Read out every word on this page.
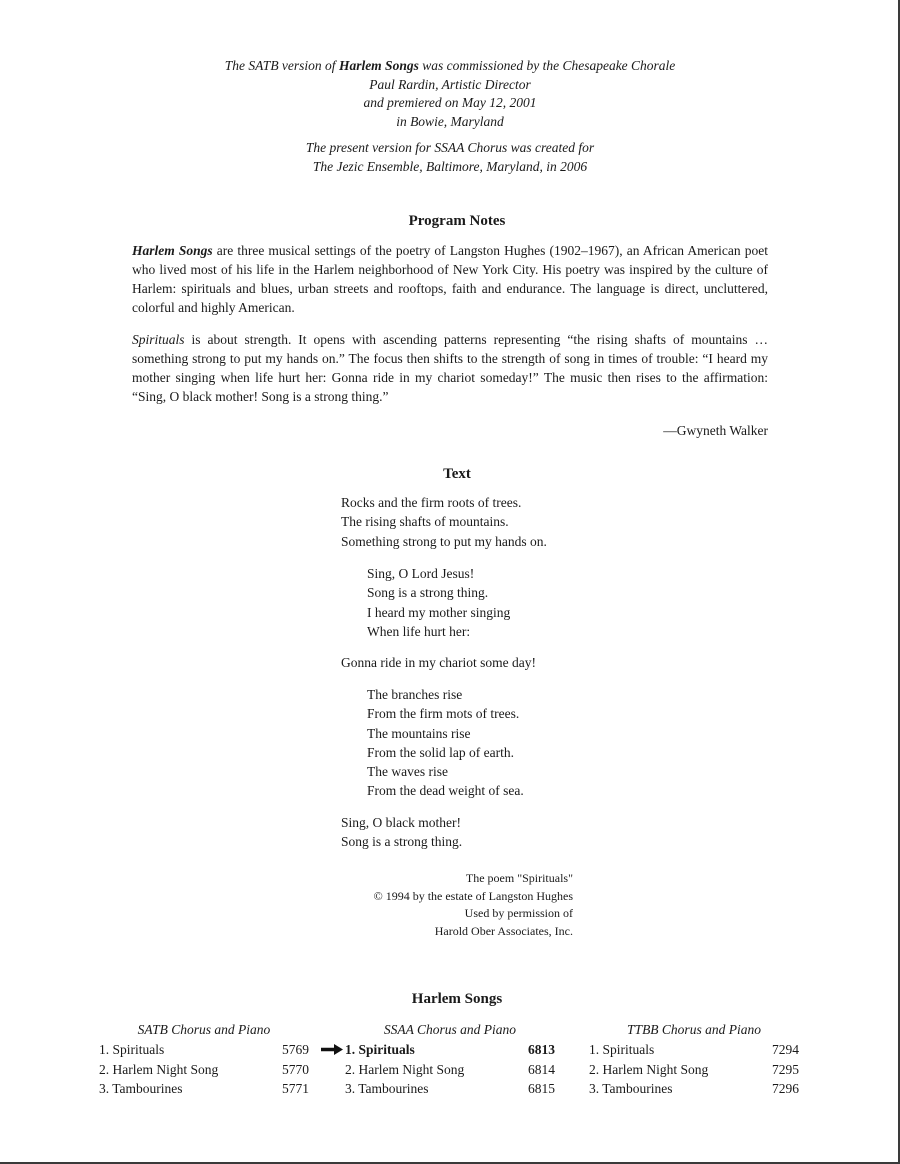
The SATB version of Harlem Songs was commissioned by the Chesapeake Chorale
Paul Rardin, Artistic Director
and premiered on May 12, 2001
in Bowie, Maryland
The present version for SSAA Chorus was created for
The Jezic Ensemble, Baltimore, Maryland, in 2006
Program Notes
Harlem Songs are three musical settings of the poetry of Langston Hughes (1902–1967), an African American poet who lived most of his life in the Harlem neighborhood of New York City. His poetry was inspired by the culture of Harlem: spirituals and blues, urban streets and rooftops, faith and endurance. The language is direct, uncluttered, colorful and highly American.
Spirituals is about strength. It opens with ascending patterns representing “the rising shafts of mountains … something strong to put my hands on.” The focus then shifts to the strength of song in times of trouble: “I heard my mother singing when life hurt her: Gonna ride in my chariot someday!” The music then rises to the affirmation: “Sing, O black mother! Song is a strong thing.”
—Gwyneth Walker
Text
Rocks and the firm roots of trees.
The rising shafts of mountains.
Something strong to put my hands on.
Sing, O Lord Jesus!
Song is a strong thing.
I heard my mother singing
When life hurt her:
Gonna ride in my chariot some day!
The branches rise
From the firm mots of trees.
The mountains rise
From the solid lap of earth.
The waves rise
From the dead weight of sea.
Sing, O black mother!
Song is a strong thing.
The poem "Spirituals"
© 1994 by the estate of Langston Hughes
Used by permission of
Harold Ober Associates, Inc.
Harlem Songs
SATB Chorus and Piano
1. Spirituals	5769
2. Harlem Night Song	5770
3. Tambourines	5771
SSAA Chorus and Piano
1. Spirituals	6813
2. Harlem Night Song	6814
3. Tambourines	6815
TTBB Chorus and Piano
1. Spirituals	7294
2. Harlem Night Song	7295
3. Tambourines	7296
